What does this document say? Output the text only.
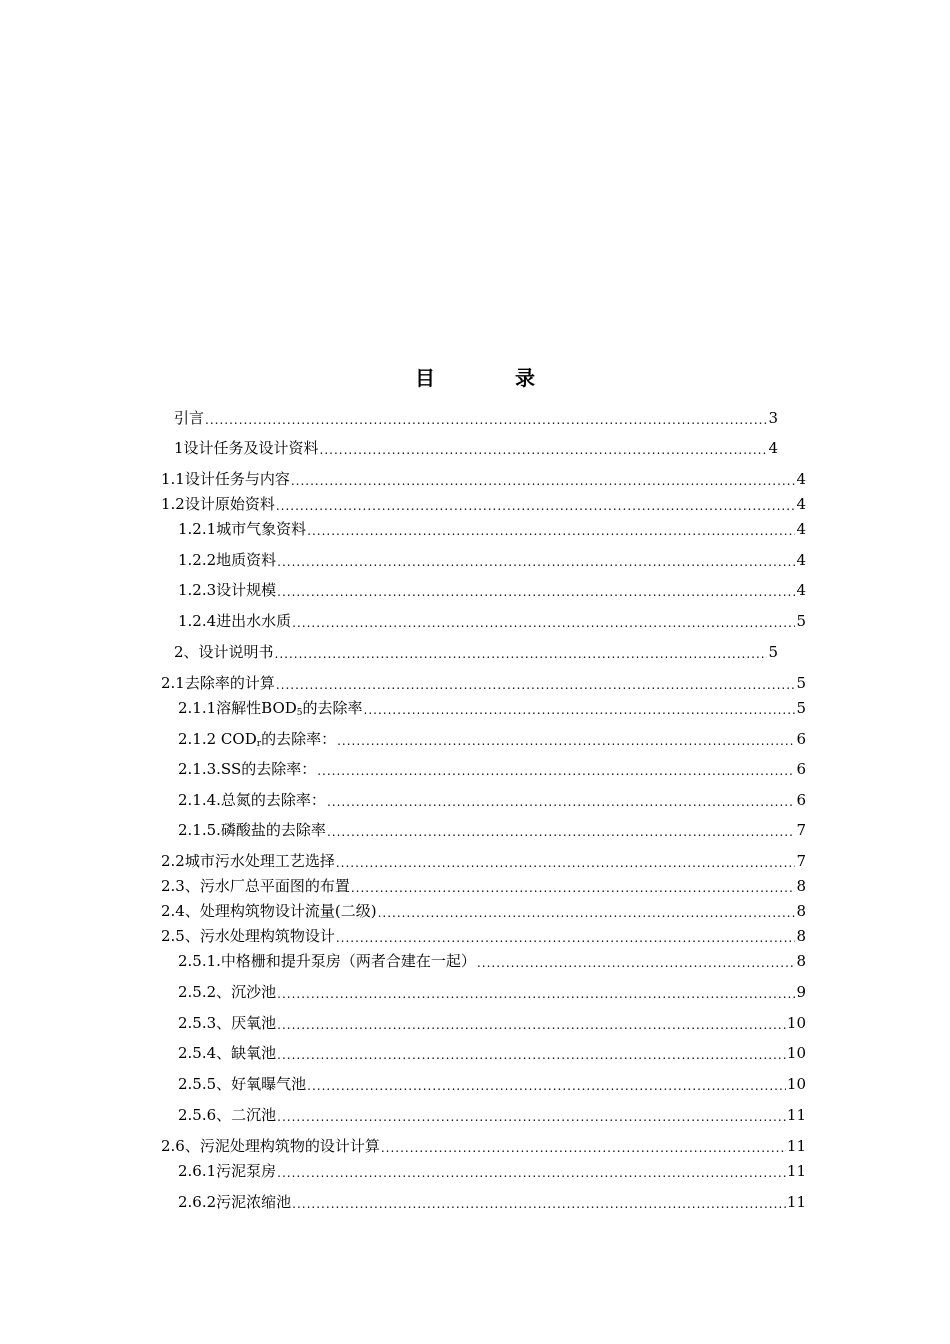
目	录
引言 .....	3
1设计任务及设计资料 .....	4
1.1设计任务与内容 .....	4
1.2设计原始资料 .....	4
1.2.1城市气象资料 .....	4
1.2.2地质资料 .....	4
1.2.3设计规模 .....	4
1.2.4进出水水质 .....	5
2、设计说明书 .....	5
2.1去除率的计算 .....	5
2.1.1溶解性$BOD_5$的去除率 .....	5
2.1.2 $COD_r$的去除率： .....	6
2.1.3.SS的去除率： .....	6
2.1.4.总氮的去除率： .....	6
2.1.5.磷酸盐的去除率 .....	7
2.2城市污水处理工艺选择 .....	7
2.3、污水厂总平面图的布置 .....	8
2.4、处理构筑物设计流量(二级) .....	8
2.5、污水处理构筑物设计 .....	8
2.5.1.中格栅和提升泵房（两者合建在一起） .....	8
2.5.2、沉沙池 .....	9
2.5.3、厌氧池 .....	10
2.5.4、缺氧池 .....	10
2.5.5、好氧曝气池 .....	10
2.5.6、二沉池 .....	11
2.6、污泥处理构筑物的设计计算 .....	11
2.6.1污泥泵房 .....	11
2.6.2污泥浓缩池 .....	11
